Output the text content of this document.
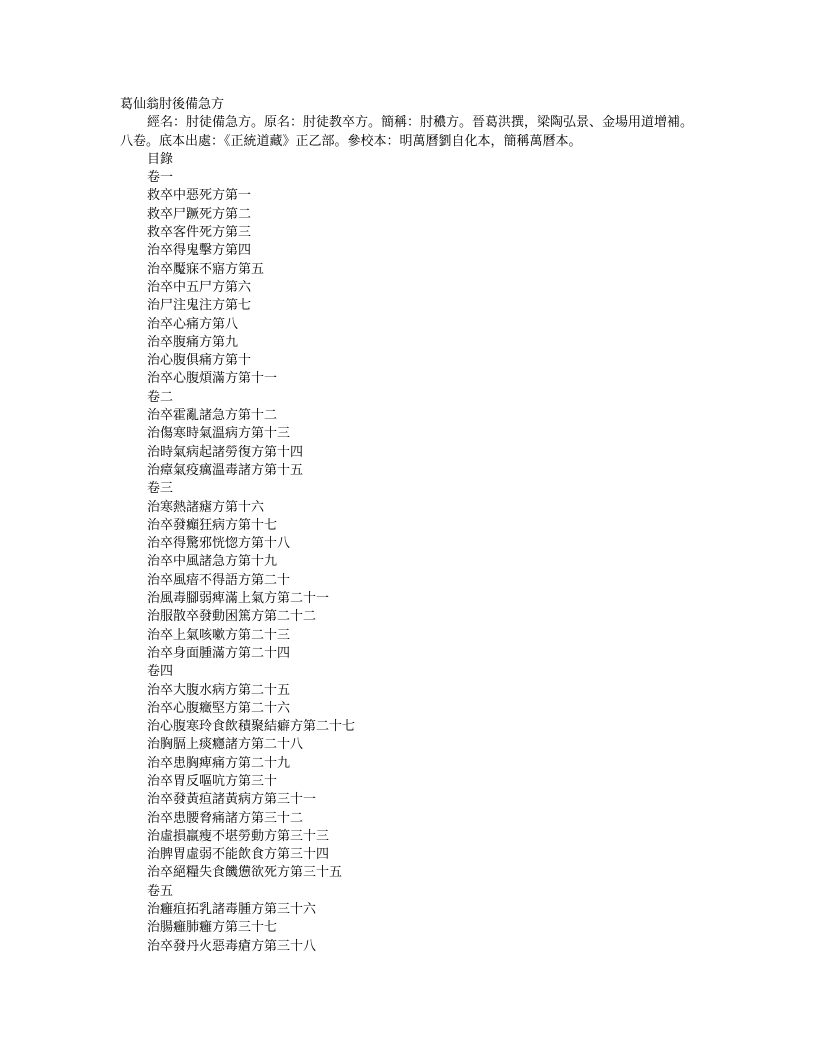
葛仙翁肘後備急方
經名：肘徒備急方。原名：肘徒教卒方。簡稱：肘穠方。晉葛洪撰，梁陶弘景、金場用道增補。八卷。底本出處：《正統道藏》正乙部。參校本：明萬曆劉自化本，簡稱萬曆本。
目錄
卷一
救卒中惡死方第一
救卒尸蹶死方第二
救卒客件死方第三
治卒得鬼擊方第四
治卒魘寐不寤方第五
治卒中五尸方第六
治尸注鬼注方第七
治卒心痛方第八
治卒腹痛方第九
治心腹俱痛方第十
治卒心腹煩滿方第十一
卷二
治卒霍亂諸急方第十二
治傷寒時氣溫病方第十三
治時氣病起諸勞復方第十四
治瘴氣疫癘溫毒諸方第十五
卷三
治寒熱諸瘧方第十六
治卒發癲狂病方第十七
治卒得驚邪恍惚方第十八
治卒中風諸急方第十九
治卒風瘖不得語方第二十
治風毒腳弱痺滿上氣方第二十一
治服散卒發動困篤方第二十二
治卒上氣咳嗽方第二十三
治卒身面腫滿方第二十四
卷四
治卒大腹水病方第二十五
治卒心腹癥堅方第二十六
治心腹寒玲食飲積聚結癖方第二十七
治胸膈上痰癮諸方第二十八
治卒患胸痺痛方第二十九
治卒胃反嘔吭方第三十
治卒發黃疸諸黃病方第三十一
治卒患腰脅痛諸方第三十二
治虛損羸瘦不堪勞動方第三十三
治脾胃虛弱不能飲食方第三十四
治卒絕糧失食饑憊欲死方第三十五
卷五
治癰疽拓乳諸毒腫方第三十六
治腸癰肺癰方第三十七
治卒發丹火惡毒瘡方第三十八
